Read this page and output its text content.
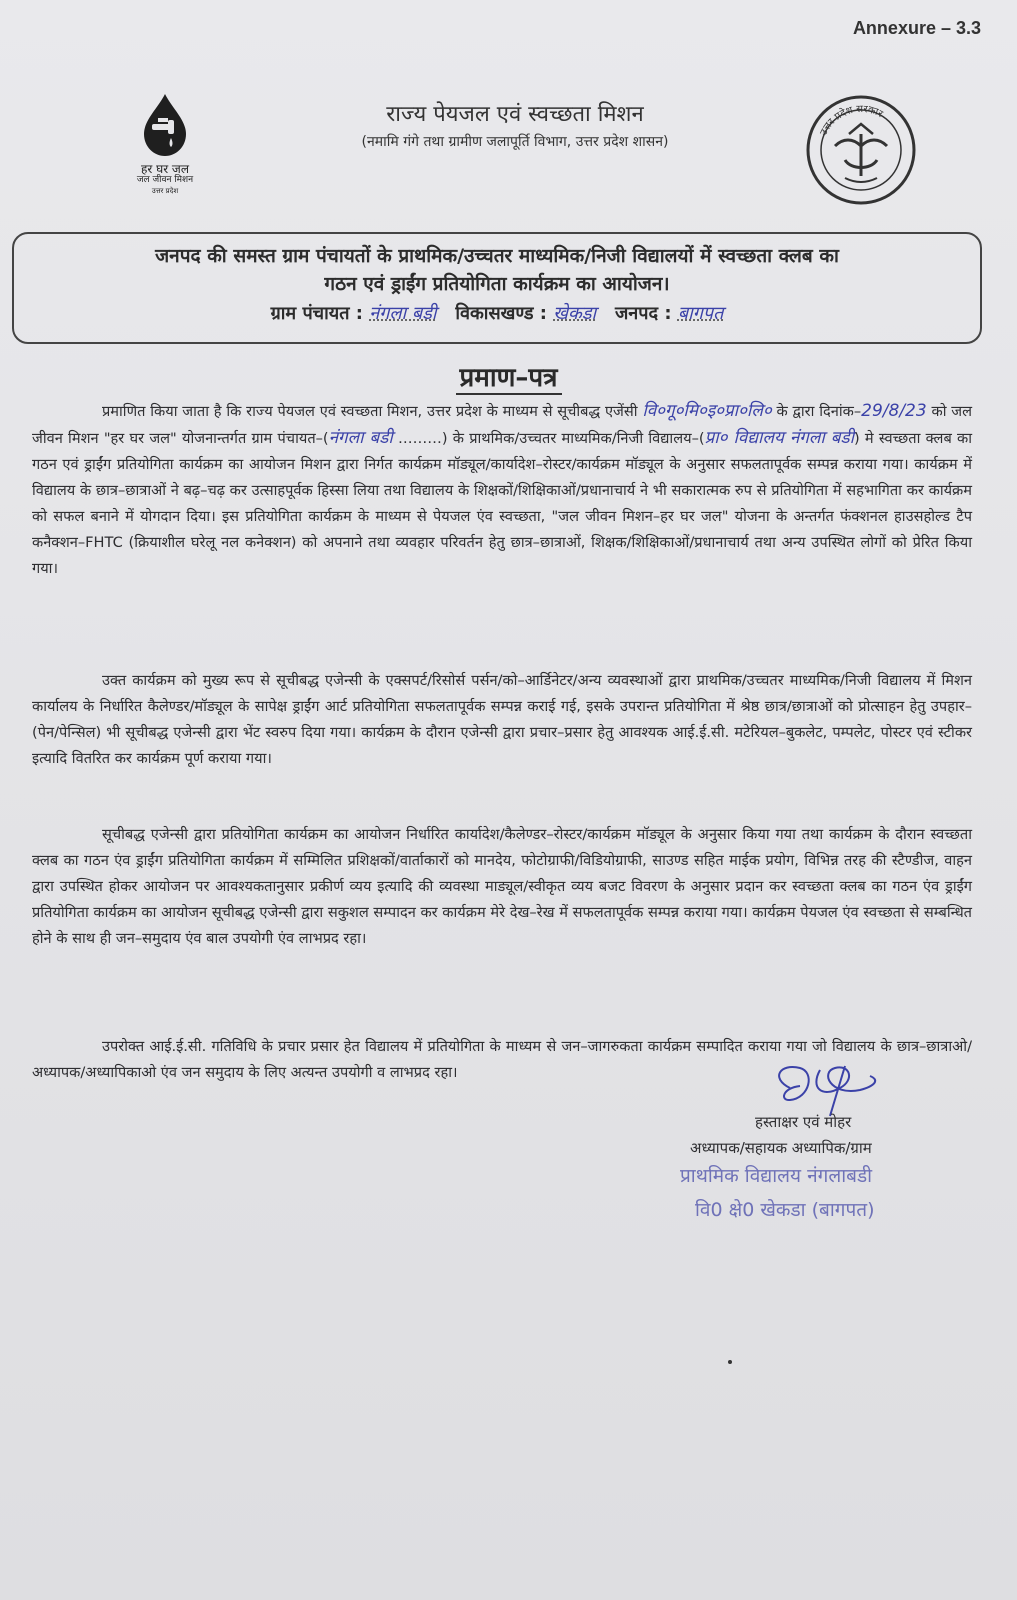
Annexure – 3.3
हर घर जल
जल जीवन मिशन
उत्तर प्रदेश
राज्य पेयजल एवं स्वच्छता मिशन
(नमामि गंगे तथा ग्रामीण जलापूर्ति विभाग, उत्तर प्रदेश शासन)
उत्तर प्रदेश सरकार
जनपद की समस्त ग्राम पंचायतों के प्राथमिक/उच्चतर माध्यमिक/निजी विद्यालयों में स्वच्छता क्लब का
गठन एवं ड्राईंग प्रतियोगिता कार्यक्रम का आयोजन।
ग्राम पंचायत : नंगला बडी विकासखण्ड : खेकडा जनपद : बागपत
प्रमाण–पत्र
प्रमाणित किया जाता है कि राज्य पेयजल एवं स्वच्छता मिशन, उत्तर प्रदेश के माध्यम से सूचीबद्ध एजेंसी वि०गू०मि०इ०प्रा०लि० के द्वारा दिनांक–29/8/23 को जल जीवन मिशन "हर घर जल" योजनान्तर्गत ग्राम पंचायत–(नंगला बडी ………) के प्राथमिक/उच्चतर माध्यमिक/निजी विद्यालय–(प्रा० विद्यालय नंगला बडी) मे स्वच्छता क्लब का गठन एवं ड्राईंग प्रतियोगिता कार्यक्रम का आयोजन मिशन द्वारा निर्गत कार्यक्रम मॉड्यूल/कार्यादेश–रोस्टर/कार्यक्रम मॉड्यूल के अनुसार सफलतापूर्वक सम्पन्न कराया गया। कार्यक्रम में विद्यालय के छात्र–छात्राओं ने बढ़–चढ़ कर उत्साहपूर्वक हिस्सा लिया तथा विद्यालय के शिक्षकों/शिक्षिकाओं/प्रधानाचार्य ने भी सकारात्मक रुप से प्रतियोगिता में सहभागिता कर कार्यक्रम को सफल बनाने में योगदान दिया। इस प्रतियोगिता कार्यक्रम के माध्यम से पेयजल एंव स्वच्छता, "जल जीवन मिशन–हर घर जल" योजना के अन्तर्गत फंक्शनल हाउसहोल्ड टैप कनैक्शन–FHTC (क्रियाशील घरेलू नल कनेक्शन) को अपनाने तथा व्यवहार परिवर्तन हेतु छात्र–छात्राओं, शिक्षक/शिक्षिकाओं/प्रधानाचार्य तथा अन्य उपस्थित लोगों को प्रेरित किया गया।
उक्त कार्यक्रम को मुख्य रूप से सूचीबद्ध एजेन्सी के एक्सपर्ट/रिसोर्स पर्सन/को–आर्डिनेटर/अन्य व्यवस्थाओं द्वारा प्राथमिक/उच्चतर माध्यमिक/निजी विद्यालय में मिशन कार्यालय के निर्धारित कैलेण्डर/मॉड्यूल के सापेक्ष ड्राईंग आर्ट प्रतियोगिता सफलतापूर्वक सम्पन्न कराई गई, इसके उपरान्त प्रतियोगिता में श्रेष्ठ छात्र/छात्राओं को प्रोत्साहन हेतु उपहार–(पेन/पेन्सिल) भी सूचीबद्ध एजेन्सी द्वारा भेंट स्वरुप दिया गया। कार्यक्रम के दौरान एजेन्सी द्वारा प्रचार–प्रसार हेतु आवश्यक आई.ई.सी. मटेरियल–बुकलेट, पम्पलेट, पोस्टर एवं स्टीकर इत्यादि वितरित कर कार्यक्रम पूर्ण कराया गया।
सूचीबद्ध एजेन्सी द्वारा प्रतियोगिता कार्यक्रम का आयोजन निर्धारित कार्यादेश/कैलेण्डर–रोस्टर/कार्यक्रम मॉड्यूल के अनुसार किया गया तथा कार्यक्रम के दौरान स्वच्छता क्लब का गठन एंव ड्राईंग प्रतियोगिता कार्यक्रम में सम्मिलित प्रशिक्षकों/वार्ताकारों को मानदेय, फोटोग्राफी/विडियोग्राफी, साउण्ड सहित माईक प्रयोग, विभिन्न तरह की स्टैण्डीज, वाहन द्वारा उपस्थित होकर आयोजन पर आवश्यकतानुसार प्रकीर्ण व्यय इत्यादि की व्यवस्था माड्यूल/स्वीकृत व्यय बजट विवरण के अनुसार प्रदान कर स्वच्छता क्लब का गठन एंव ड्राईंग प्रतियोगिता कार्यक्रम का आयोजन सूचीबद्ध एजेन्सी द्वारा सकुशल सम्पादन कर कार्यक्रम मेरे देख–रेख में सफलतापूर्वक सम्पन्न कराया गया। कार्यक्रम पेयजल एंव स्वच्छता से सम्बन्धित होने के साथ ही जन–समुदाय एंव बाल उपयोगी एंव लाभप्रद रहा।
उपरोक्त आई.ई.सी. गतिविधि के प्रचार प्रसार हेत विद्यालय में प्रतियोगिता के माध्यम से जन–जागरुकता कार्यक्रम सम्पादित कराया गया जो विद्यालय के छात्र–छात्राओ/अध्यापक/अध्यापिकाओ एंव जन समुदाय के लिए अत्यन्त उपयोगी व लाभप्रद रहा।
हस्ताक्षर एवं मोहर
अध्यापक/सहायक अध्यापिक/ग्राम
प्राथमिक विद्यालय नंगलाबडी
वि0 क्षे0 खेकडा (बागपत)
